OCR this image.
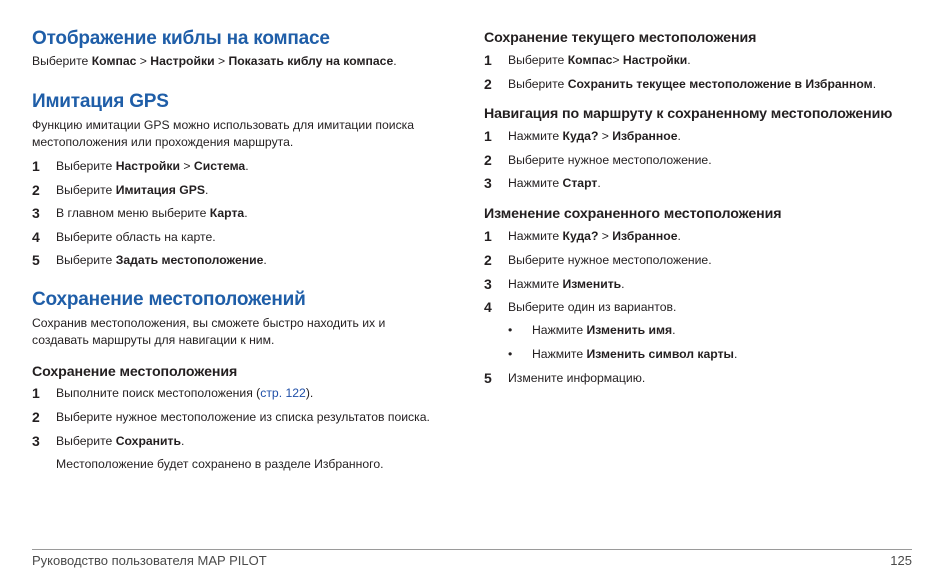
Отображение киблы на компасе
Выберите Компас > Настройки > Показать киблу на компасе.
Имитация GPS
Функцию имитации GPS можно использовать для имитации поиска
местоположения или прохождения маршрута.
1	Выберите Настройки > Система.
2	Выберите Имитация GPS.
3	В главном меню выберите Карта.
4	Выберите область на карте.
5	Выберите Задать местоположение.
Сохранение местоположений
Сохранив местоположения, вы сможете быстро находить их и
создавать маршруты для навигации к ним.
Сохранение местоположения
1	Выполните поиск местоположения (стр. 122).
2	Выберите нужное местоположение из списка результатов поиска.
3	Выберите Сохранить.
Местоположение будет сохранено в разделе Избранного.
Сохранение текущего местоположения
1	Выберите Компас> Настройки.
2	Выберите Сохранить текущее местоположение в Избранном.
Навигация по маршруту к сохраненному местоположению
1	Нажмите Куда? > Избранное.
2	Выберите нужное местоположение.
3	Нажмите Старт.
Изменение сохраненного местоположения
1	Нажмите Куда? > Избранное.
2	Выберите нужное местоположение.
3	Нажмите Изменить.
4	Выберите один из вариантов.
• Нажмите Изменить имя.
• Нажмите Изменить символ карты.
5	Измените информацию.
Руководство пользователя MAP PILOT	125
